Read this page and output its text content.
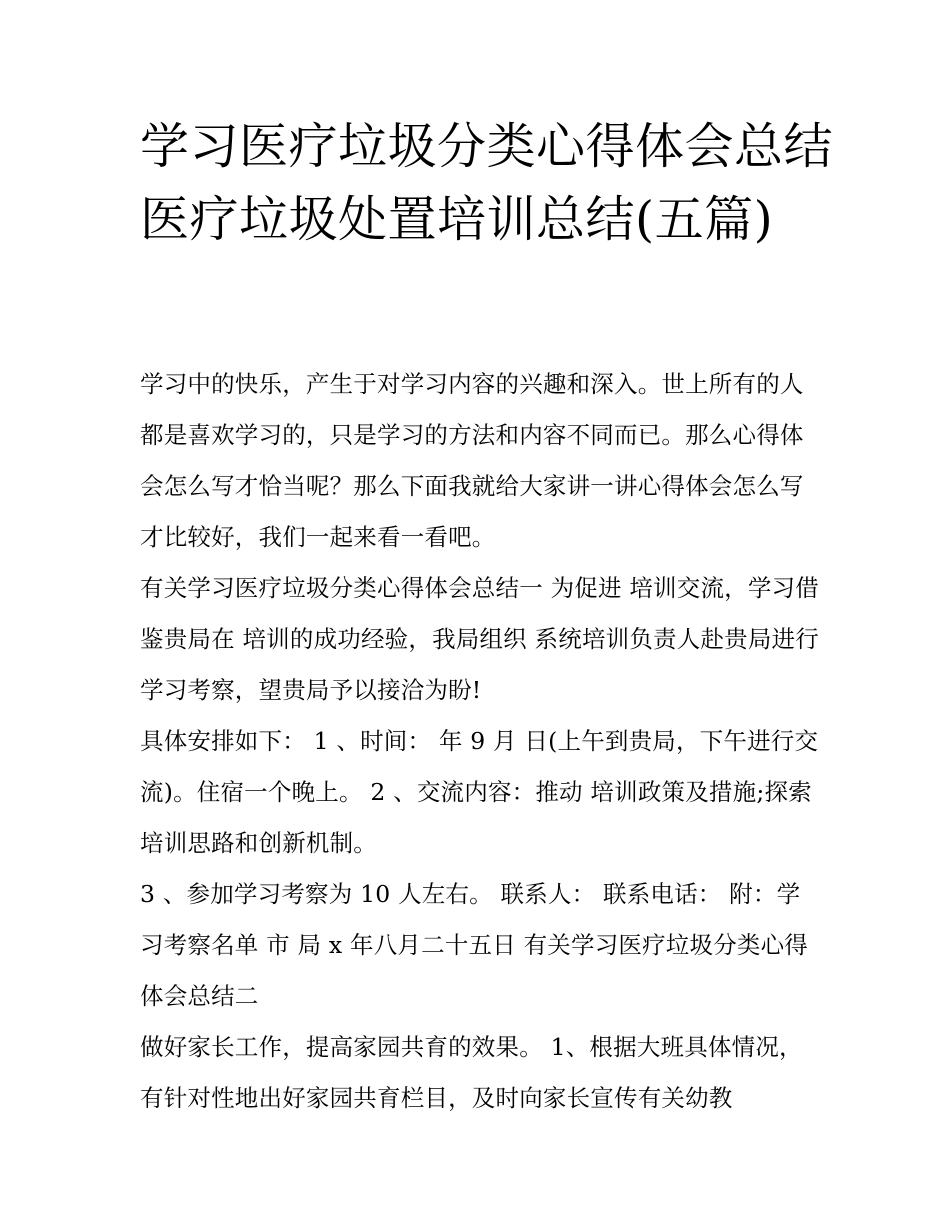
学习医疗垃圾分类心得体会总结 医疗垃圾处置培训总结(五篇)

学习中的快乐，产生于对学习内容的兴趣和深入。世上所有的人都是喜欢学习的，只是学习的方法和内容不同而已。那么心得体会怎么写才恰当呢？那么下面我就给大家讲一讲心得体会怎么写才比较好，我们一起来看一看吧。

有关学习医疗垃圾分类心得体会总结一 为促进 培训交流，学习借鉴贵局在 培训的成功经验，我局组织 系统培训负责人赴贵局进行学习考察，望贵局予以接洽为盼!

具体安排如下： 1 、时间： 年 9 月 日(上午到贵局，下午进行交流)。住宿一个晚上。 2 、交流内容：推动 培训政策及措施;探索 培训思路和创新机制。

3 、参加学习考察为 10 人左右。 联系人： 联系电话： 附：学习考察名单 市 局 x 年八月二十五日 有关学习医疗垃圾分类心得体会总结二

做好家长工作，提高家园共育的效果。 1、根据大班具体情况，有针对性地出好家园共育栏目，及时向家长宣传有关幼教
